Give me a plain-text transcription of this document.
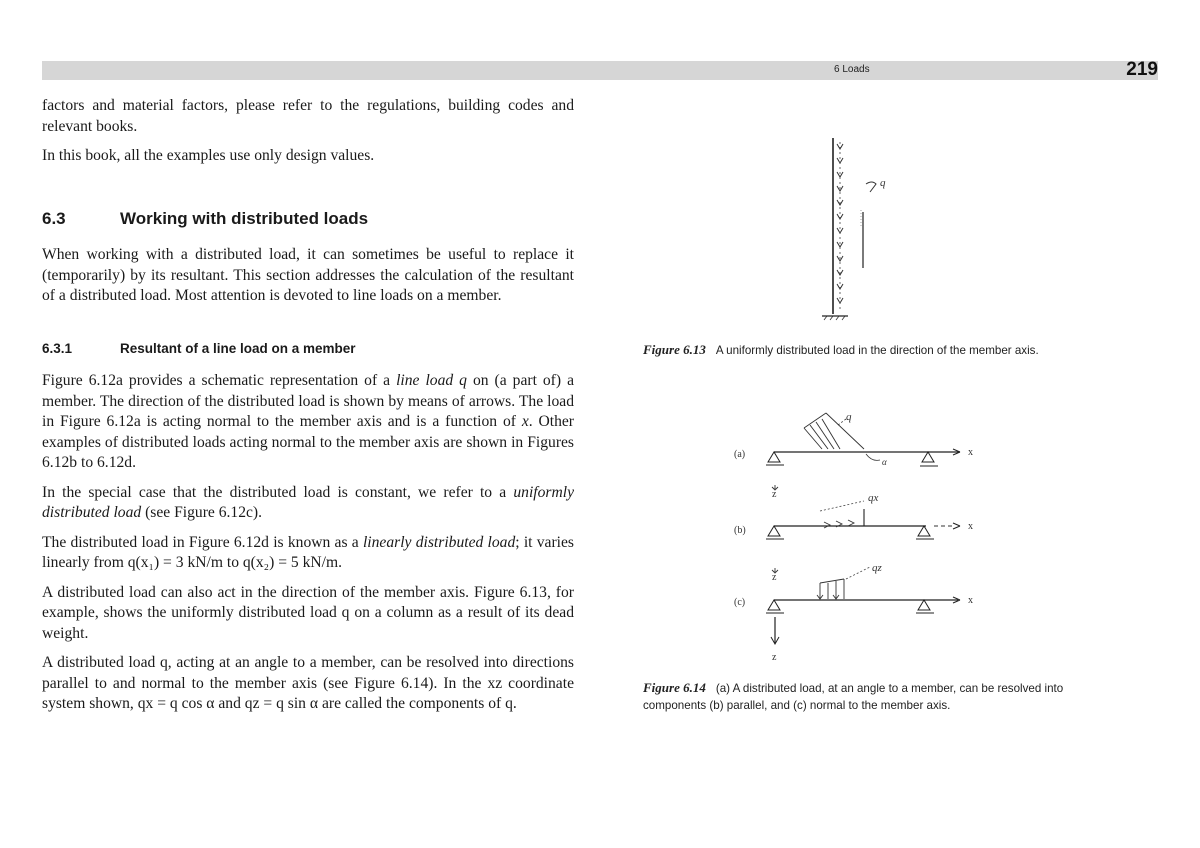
6 Loads	219

factors and material factors, please refer to the regulations, building codes and relevant books.

In this book, all the examples use only design values.

6.3	Working with distributed loads

When working with a distributed load, it can sometimes be useful to replace it (temporarily) by its resultant. This section addresses the calculation of the resultant of a distributed load. Most attention is devoted to line loads on a member.

6.3.1	Resultant of a line load on a member

Figure 6.12a provides a schematic representation of a line load q on (a part of) a member. The direction of the distributed load is shown by means of arrows. The load in Figure 6.12a is acting normal to the member axis and is a function of x. Other examples of distributed loads acting normal to the member axis are shown in Figures 6.12b to 6.12d.

In the special case that the distributed load is constant, we refer to a uniformly distributed load (see Figure 6.12c).

The distributed load in Figure 6.12d is known as a linearly distributed load; it varies linearly from q(x₁) = 3 kN/m to q(x₂) = 5 kN/m.

A distributed load can also act in the direction of the member axis. Figure 6.13, for example, shows the uniformly distributed load q on a column as a result of its dead weight.

A distributed load q, acting at an angle to a member, can be resolved into directions parallel to and normal to the member axis (see Figure 6.14). In the xz coordinate system shown, qx = q cos α and qz = q sin α are called the components of q.

q
Figure 6.13 A uniformly distributed load in the direction of the member axis.
(a)	x
q
α
z
(b)	x
qx
z
(c)	x
qz
z
Figure 6.14 (a) A distributed load, at an angle to a member, can be resolved into components (b) parallel, and (c) normal to the member axis.
